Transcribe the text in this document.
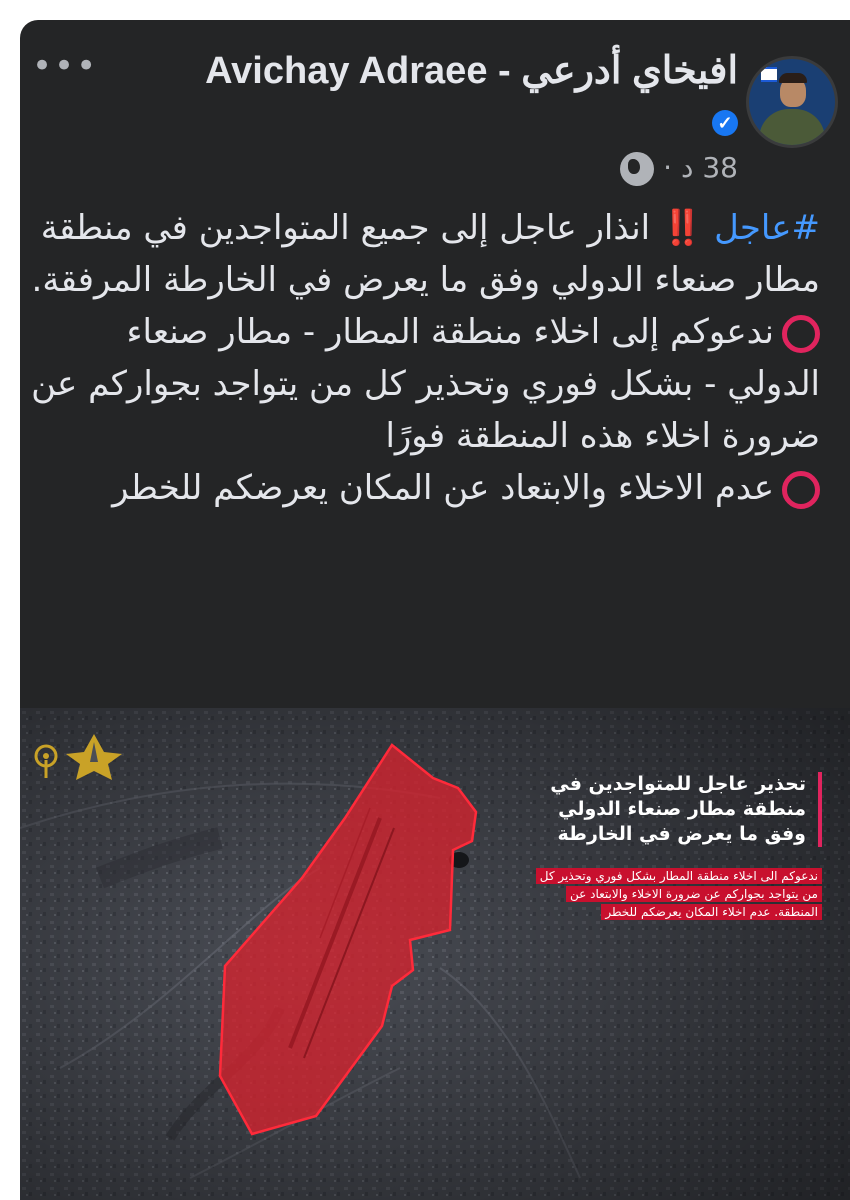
•••	افيخاي أدرعي - Avichay Adraee✓
38 د ·
#عاجل ‼️ انذار عاجل إلى جميع المتواجدين في منطقة مطار صنعاء الدولي وفق ما يعرض في الخارطة المرفقة.
ندعوكم إلى اخلاء منطقة المطار - مطار صنعاء الدولي - بشكل فوري وتحذير كل من يتواجد بجواركم عن ضرورة اخلاء هذه المنطقة فورًا
عدم الاخلاء والابتعاد عن المكان يعرضكم للخطر
تحذير عاجل للمتواجدين في منطقة مطار صنعاء الدولي وفق ما يعرض في الخارطة
ندعوكم الى اخلاء منطقة المطار بشكل فوري وتحذير كل من يتواجد بجواركم عن ضرورة الاخلاء والابتعاد عن المنطقة. عدم اخلاء المكان يعرضكم للخطر
